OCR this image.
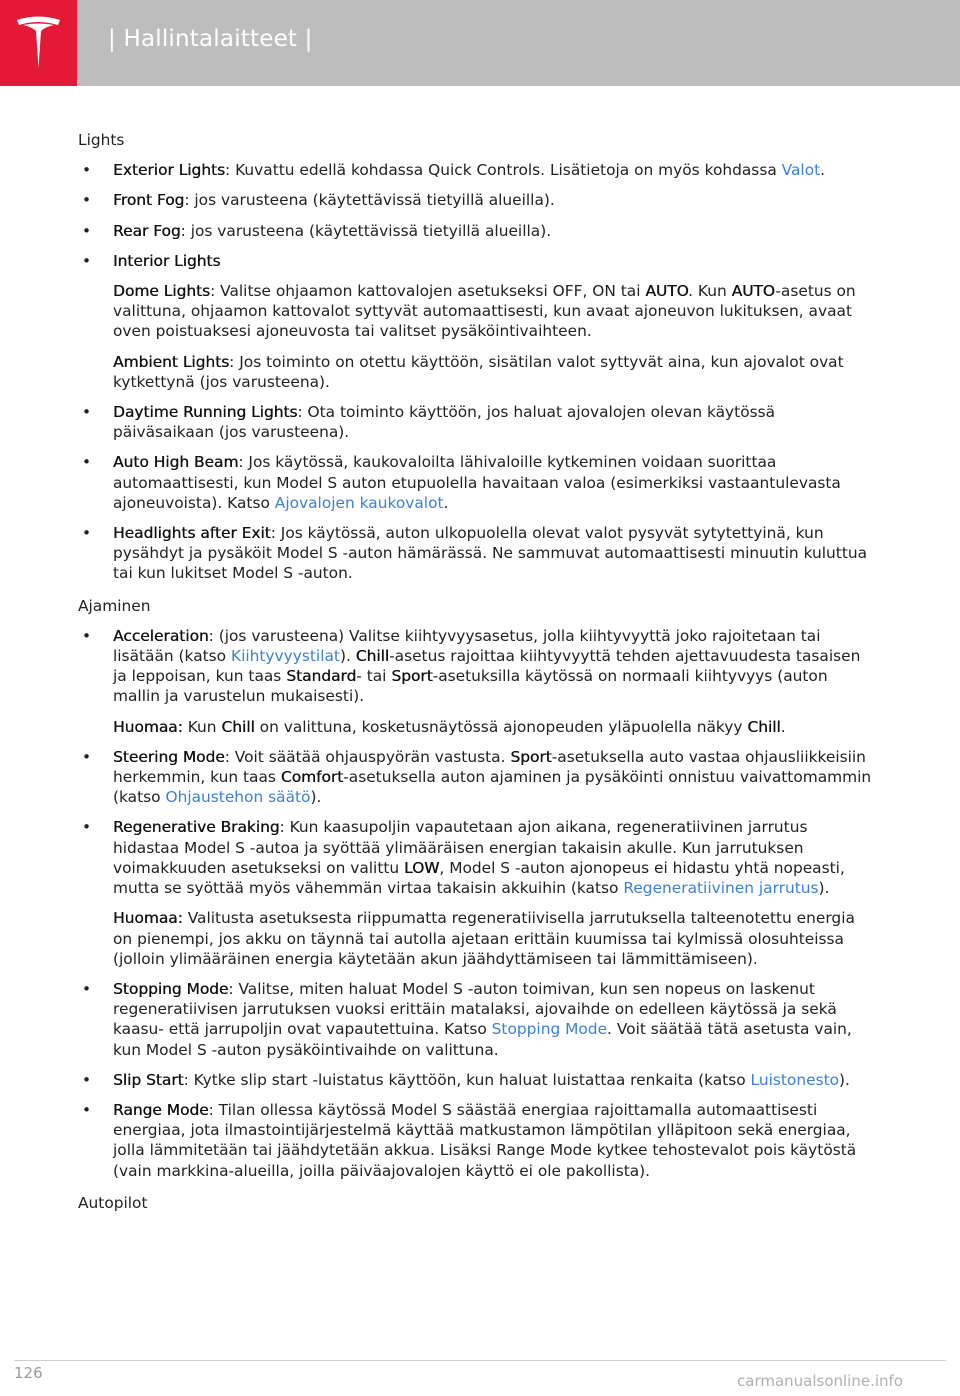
| Hallintalaitteet |
Lights
• Exterior Lights: Kuvattu edellä kohdassa Quick Controls. Lisätietoja on myös kohdassa Valot.
• Front Fog: jos varusteena (käytettävissä tietyillä alueilla).
• Rear Fog: jos varusteena (käytettävissä tietyillä alueilla).
• Interior Lights
Dome Lights: Valitse ohjaamon kattovalojen asetukseksi OFF, ON tai AUTO. Kun AUTO-asetus on valittuna, ohjaamon kattovalot syttyvät automaattisesti, kun avaat ajoneuvon lukituksen, avaat oven poistuaksesi ajoneuvosta tai valitset pysäköintivaihteen.
Ambient Lights: Jos toiminto on otettu käyttöön, sisätilan valot syttyvät aina, kun ajovalot ovat kytkettynä (jos varusteena).
• Daytime Running Lights: Ota toiminto käyttöön, jos haluat ajovalojen olevan käytössä päiväsaikaan (jos varusteena).
• Auto High Beam: Jos käytössä, kaukovaloilta lähivaloille kytkeminen voidaan suorittaa automaattisesti, kun Model S auton etupuolella havaitaan valoa (esimerkiksi vastaantulevasta ajoneuvoista). Katso Ajovalojen kaukovalot.
• Headlights after Exit: Jos käytössä, auton ulkopuolella olevat valot pysyvät sytytettyinä, kun pysähdyt ja pysäköit Model S -auton hämärässä. Ne sammuvat automaattisesti minuutin kuluttua tai kun lukitset Model S -auton.
Ajaminen
• Acceleration: (jos varusteena) Valitse kiihtyvyysasetus, jolla kiihtyvyyttä joko rajoitetaan tai lisätään (katso Kiihtyvyystilat). Chill-asetus rajoittaa kiihtyvyyttä tehden ajettavuudesta tasaisen ja leppoisan, kun taas Standard- tai Sport-asetuksilla käytössä on normaali kiihtyvyys (auton mallin ja varustelun mukaisesti).
Huomaa: Kun Chill on valittuna, kosketusnäytössä ajonopeuden yläpuolella näkyy Chill.
• Steering Mode: Voit säätää ohjauspyörän vastusta. Sport-asetuksella auto vastaa ohjausliikkeisiin herkemmin, kun taas Comfort-asetuksella auton ajaminen ja pysäköinti onnistuu vaivattomammin (katso Ohjaustehon säätö).
• Regenerative Braking: Kun kaasupoljin vapautetaan ajon aikana, regeneratiivinen jarrutus hidastaa Model S -autoa ja syöttää ylimääräisen energian takaisin akulle. Kun jarrutuksen voimakkuuden asetukseksi on valittu LOW, Model S -auton ajonopeus ei hidastu yhtä nopeasti, mutta se syöttää myös vähemmän virtaa takaisin akkuihin (katso Regeneratiivinen jarrutus).
Huomaa: Valitusta asetuksesta riippumatta regeneratiivisella jarrutuksella talteenotettu energia on pienempi, jos akku on täynnä tai autolla ajetaan erittäin kuumissa tai kylmissä olosuhteissa (jolloin ylimääräinen energia käytetään akun jäähdyttämiseen tai lämmittämiseen).
• Stopping Mode: Valitse, miten haluat Model S -auton toimivan, kun sen nopeus on laskenut regeneratiivisen jarrutuksen vuoksi erittäin matalaksi, ajovaihde on edelleen käytössä ja sekä kaasu- että jarrupoljin ovat vapautettuina. Katso Stopping Mode. Voit säätää tätä asetusta vain, kun Model S -auton pysäköintivaihde on valittuna.
• Slip Start: Kytke slip start -luistatus käyttöön, kun haluat luistattaa renkaita (katso Luistonesto).
• Range Mode: Tilan ollessa käytössä Model S säästää energiaa rajoittamalla automaattisesti energiaa, jota ilmastointijärjestelmä käyttää matkustamon lämpötilan ylläpitoon sekä energiaa, jolla lämmitetään tai jäähdytetään akkua. Lisäksi Range Mode kytkee tehostevalot pois käytöstä (vain markkina-alueilla, joilla päiväajovalojen käyttö ei ole pakollista).
Autopilot
126	carmanualsonline.info
